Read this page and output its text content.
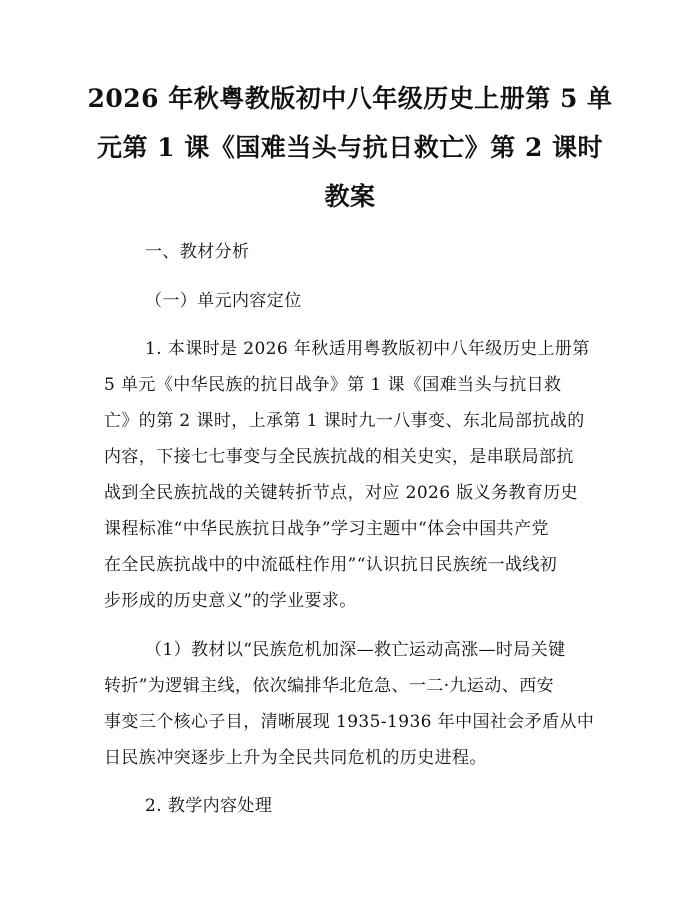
2026 年秋粤教版初中八年级历史上册第 5 单
元第 1 课《国难当头与抗日救亡》第 2 课时
教案
一、教材分析
（一）单元内容定位
1. 本课时是 2026 年秋适用粤教版初中八年级历史上册第
5 单元《中华民族的抗日战争》第 1 课《国难当头与抗日救
亡》的第 2 课时，上承第 1 课时九一八事变、东北局部抗战的
内容，下接七七事变与全民族抗战的相关史实，是串联局部抗
战到全民族抗战的关键转折节点，对应 2026 版义务教育历史
课程标准“中华民族抗日战争”学习主题中“体会中国共产党
在全民族抗战中的中流砥柱作用”“认识抗日民族统一战线初
步形成的历史意义”的学业要求。
（1）教材以“民族危机加深—救亡运动高涨—时局关键
转折”为逻辑主线，依次编排华北危急、一二·九运动、西安
事变三个核心子目，清晰展现 1935-1936 年中国社会矛盾从中
日民族冲突逐步上升为全民共同危机的历史进程。
2. 教学内容处理
